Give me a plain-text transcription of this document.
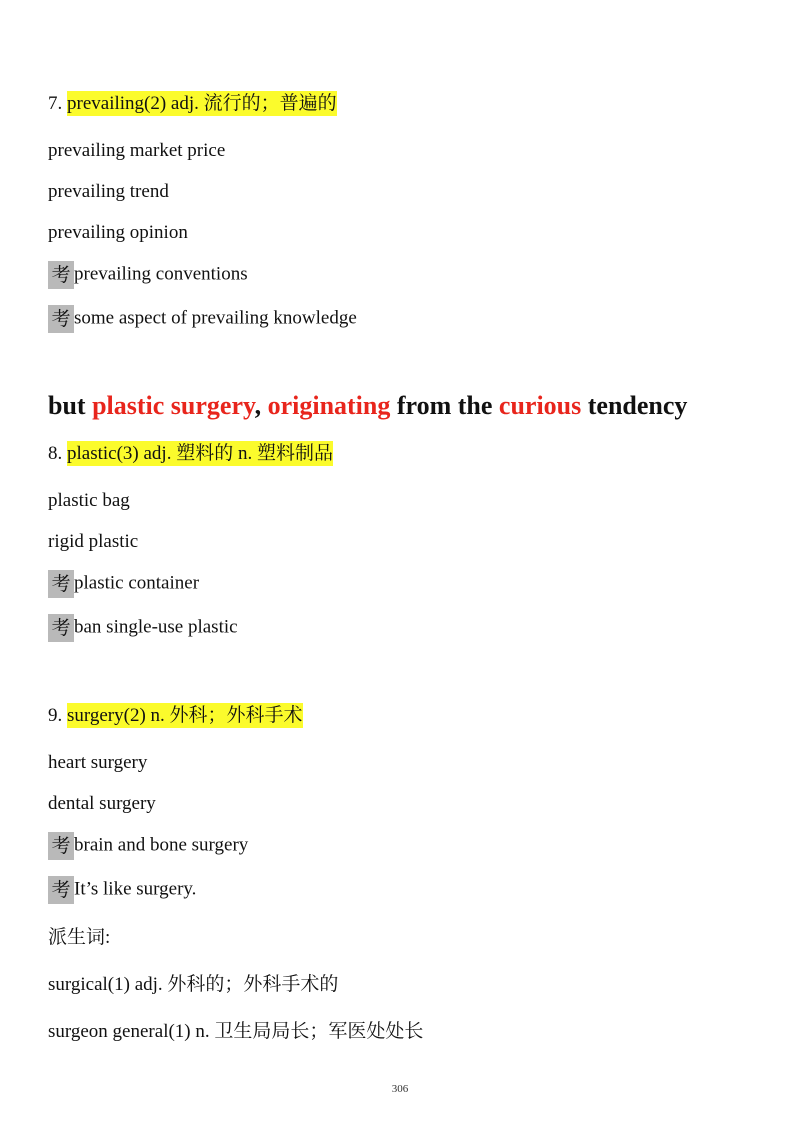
7. prevailing(2) adj. 流行的；普遍的
prevailing market price
prevailing trend
prevailing opinion
考 prevailing conventions
考 some aspect of prevailing knowledge
but plastic surgery, originating from the curious tendency
8. plastic(3) adj. 塑料的 n. 塑料制品
plastic bag
rigid plastic
考 plastic container
考 ban single-use plastic
9. surgery(2) n. 外科；外科手术
heart surgery
dental surgery
考 brain and bone surgery
考 It’s like surgery.
派生词:
surgical(1) adj. 外科的；外科手术的
surgeon general(1) n. 卫生局局长；军医处处长
306
